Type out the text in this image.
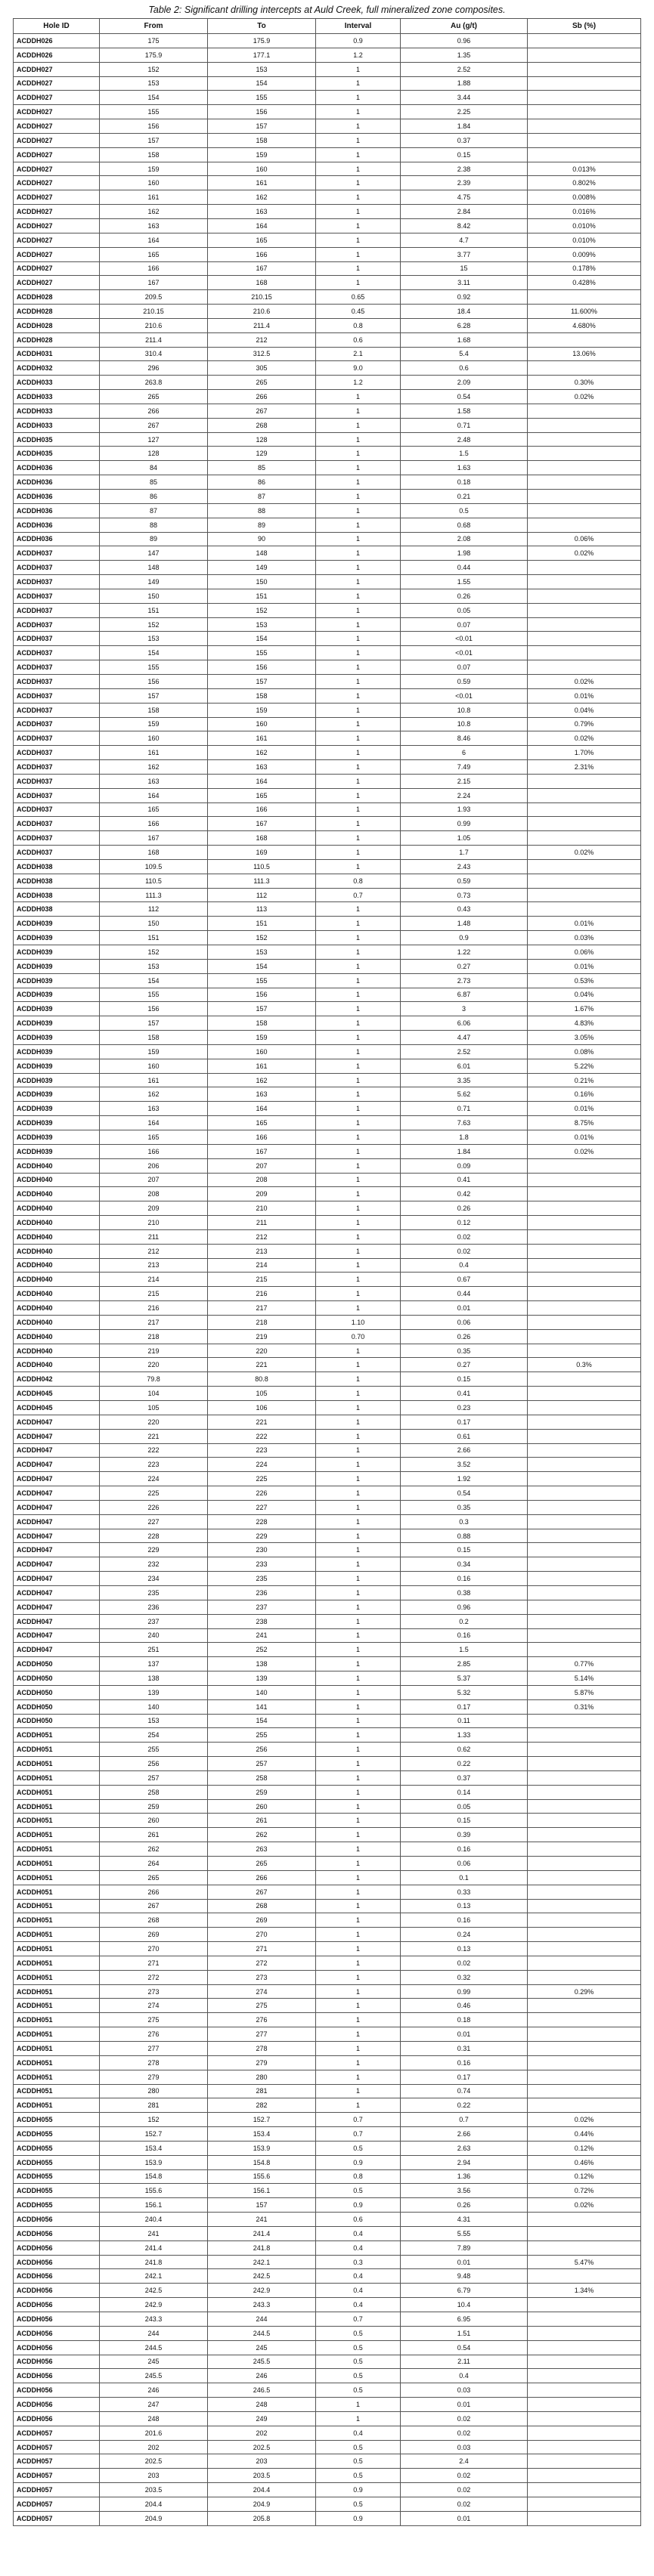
Table 2: Significant drilling intercepts at Auld Creek, full mineralized zone composites.
Hole ID	From	To	Interval	Au (g/t)	Sb (%)
ACDDH026	175	175.9	0.9	0.96	
ACDDH026	175.9	177.1	1.2	1.35	
ACDDH027	152	153	1	2.52	
ACDDH027	153	154	1	1.88	
ACDDH027	154	155	1	3.44	
ACDDH027	155	156	1	2.25	
ACDDH027	156	157	1	1.84	
ACDDH027	157	158	1	0.37	
ACDDH027	158	159	1	0.15	
ACDDH027	159	160	1	2.38	0.013%
ACDDH027	160	161	1	2.39	0.802%
ACDDH027	161	162	1	4.75	0.008%
ACDDH027	162	163	1	2.84	0.016%
ACDDH027	163	164	1	8.42	0.010%
ACDDH027	164	165	1	4.7	0.010%
ACDDH027	165	166	1	3.77	0.009%
ACDDH027	166	167	1	15	0.178%
ACDDH027	167	168	1	3.11	0.428%
ACDDH028	209.5	210.15	0.65	0.92	
ACDDH028	210.15	210.6	0.45	18.4	11.600%
ACDDH028	210.6	211.4	0.8	6.28	4.680%
ACDDH028	211.4	212	0.6	1.68	
ACDDH031	310.4	312.5	2.1	5.4	13.06%
ACDDH032	296	305	9.0	0.6	
ACDDH033	263.8	265	1.2	2.09	0.30%
ACDDH033	265	266	1	0.54	0.02%
ACDDH033	266	267	1	1.58	
ACDDH033	267	268	1	0.71	
ACDDH035	127	128	1	2.48	
ACDDH035	128	129	1	1.5	
ACDDH036	84	85	1	1.63	
ACDDH036	85	86	1	0.18	
ACDDH036	86	87	1	0.21	
ACDDH036	87	88	1	0.5	
ACDDH036	88	89	1	0.68	
ACDDH036	89	90	1	2.08	0.06%
ACDDH037	147	148	1	1.98	0.02%
ACDDH037	148	149	1	0.44	
ACDDH037	149	150	1	1.55	
ACDDH037	150	151	1	0.26	
ACDDH037	151	152	1	0.05	
ACDDH037	152	153	1	0.07	
ACDDH037	153	154	1	<0.01	
ACDDH037	154	155	1	<0.01	
ACDDH037	155	156	1	0.07	
ACDDH037	156	157	1	0.59	0.02%
ACDDH037	157	158	1	<0.01	0.01%
ACDDH037	158	159	1	10.8	0.04%
ACDDH037	159	160	1	10.8	0.79%
ACDDH037	160	161	1	8.46	0.02%
ACDDH037	161	162	1	6	1.70%
ACDDH037	162	163	1	7.49	2.31%
ACDDH037	163	164	1	2.15	
ACDDH037	164	165	1	2.24	
ACDDH037	165	166	1	1.93	
ACDDH037	166	167	1	0.99	
ACDDH037	167	168	1	1.05	
ACDDH037	168	169	1	1.7	0.02%
ACDDH038	109.5	110.5	1	2.43	
ACDDH038	110.5	111.3	0.8	0.59	
ACDDH038	111.3	112	0.7	0.73	
ACDDH038	112	113	1	0.43	
ACDDH039	150	151	1	1.48	0.01%
ACDDH039	151	152	1	0.9	0.03%
ACDDH039	152	153	1	1.22	0.06%
ACDDH039	153	154	1	0.27	0.01%
ACDDH039	154	155	1	2.73	0.53%
ACDDH039	155	156	1	6.87	0.04%
ACDDH039	156	157	1	3	1.67%
ACDDH039	157	158	1	6.06	4.83%
ACDDH039	158	159	1	4.47	3.05%
ACDDH039	159	160	1	2.52	0.08%
ACDDH039	160	161	1	6.01	5.22%
ACDDH039	161	162	1	3.35	0.21%
ACDDH039	162	163	1	5.62	0.16%
ACDDH039	163	164	1	0.71	0.01%
ACDDH039	164	165	1	7.63	8.75%
ACDDH039	165	166	1	1.8	0.01%
ACDDH039	166	167	1	1.84	0.02%
ACDDH040	206	207	1	0.09	
ACDDH040	207	208	1	0.41	
ACDDH040	208	209	1	0.42	
ACDDH040	209	210	1	0.26	
ACDDH040	210	211	1	0.12	
ACDDH040	211	212	1	0.02	
ACDDH040	212	213	1	0.02	
ACDDH040	213	214	1	0.4	
ACDDH040	214	215	1	0.67	
ACDDH040	215	216	1	0.44	
ACDDH040	216	217	1	0.01	
ACDDH040	217	218	1.10	0.06	
ACDDH040	218	219	0.70	0.26	
ACDDH040	219	220	1	0.35	
ACDDH040	220	221	1	0.27	0.3%
ACDDH042	79.8	80.8	1	0.15	
ACDDH045	104	105	1	0.41	
ACDDH045	105	106	1	0.23	
ACDDH047	220	221	1	0.17	
ACDDH047	221	222	1	0.61	
ACDDH047	222	223	1	2.66	
ACDDH047	223	224	1	3.52	
ACDDH047	224	225	1	1.92	
ACDDH047	225	226	1	0.54	
ACDDH047	226	227	1	0.35	
ACDDH047	227	228	1	0.3	
ACDDH047	228	229	1	0.88	
ACDDH047	229	230	1	0.15	
ACDDH047	232	233	1	0.34	
ACDDH047	234	235	1	0.16	
ACDDH047	235	236	1	0.38	
ACDDH047	236	237	1	0.96	
ACDDH047	237	238	1	0.2	
ACDDH047	240	241	1	0.16	
ACDDH047	251	252	1	1.5	
ACDDH050	137	138	1	2.85	0.77%
ACDDH050	138	139	1	5.37	5.14%
ACDDH050	139	140	1	5.32	5.87%
ACDDH050	140	141	1	0.17	0.31%
ACDDH050	153	154	1	0.11	
ACDDH051	254	255	1	1.33	
ACDDH051	255	256	1	0.62	
ACDDH051	256	257	1	0.22	
ACDDH051	257	258	1	0.37	
ACDDH051	258	259	1	0.14	
ACDDH051	259	260	1	0.05	
ACDDH051	260	261	1	0.15	
ACDDH051	261	262	1	0.39	
ACDDH051	262	263	1	0.16	
ACDDH051	264	265	1	0.06	
ACDDH051	265	266	1	0.1	
ACDDH051	266	267	1	0.33	
ACDDH051	267	268	1	0.13	
ACDDH051	268	269	1	0.16	
ACDDH051	269	270	1	0.24	
ACDDH051	270	271	1	0.13	
ACDDH051	271	272	1	0.02	
ACDDH051	272	273	1	0.32	
ACDDH051	273	274	1	0.99	0.29%
ACDDH051	274	275	1	0.46	
ACDDH051	275	276	1	0.18	
ACDDH051	276	277	1	0.01	
ACDDH051	277	278	1	0.31	
ACDDH051	278	279	1	0.16	
ACDDH051	279	280	1	0.17	
ACDDH051	280	281	1	0.74	
ACDDH051	281	282	1	0.22	
ACDDH055	152	152.7	0.7	0.7	0.02%
ACDDH055	152.7	153.4	0.7	2.66	0.44%
ACDDH055	153.4	153.9	0.5	2.63	0.12%
ACDDH055	153.9	154.8	0.9	2.94	0.46%
ACDDH055	154.8	155.6	0.8	1.36	0.12%
ACDDH055	155.6	156.1	0.5	3.56	0.72%
ACDDH055	156.1	157	0.9	0.26	0.02%
ACDDH056	240.4	241	0.6	4.31	
ACDDH056	241	241.4	0.4	5.55	
ACDDH056	241.4	241.8	0.4	7.89	
ACDDH056	241.8	242.1	0.3	0.01	5.47%
ACDDH056	242.1	242.5	0.4	9.48	
ACDDH056	242.5	242.9	0.4	6.79	1.34%
ACDDH056	242.9	243.3	0.4	10.4	
ACDDH056	243.3	244	0.7	6.95	
ACDDH056	244	244.5	0.5	1.51	
ACDDH056	244.5	245	0.5	0.54	
ACDDH056	245	245.5	0.5	2.11	
ACDDH056	245.5	246	0.5	0.4	
ACDDH056	246	246.5	0.5	0.03	
ACDDH056	247	248	1	0.01	
ACDDH056	248	249	1	0.02	
ACDDH057	201.6	202	0.4	0.02	
ACDDH057	202	202.5	0.5	0.03	
ACDDH057	202.5	203	0.5	2.4	
ACDDH057	203	203.5	0.5	0.02	
ACDDH057	203.5	204.4	0.9	0.02	
ACDDH057	204.4	204.9	0.5	0.02	
ACDDH057	204.9	205.8	0.9	0.01	
